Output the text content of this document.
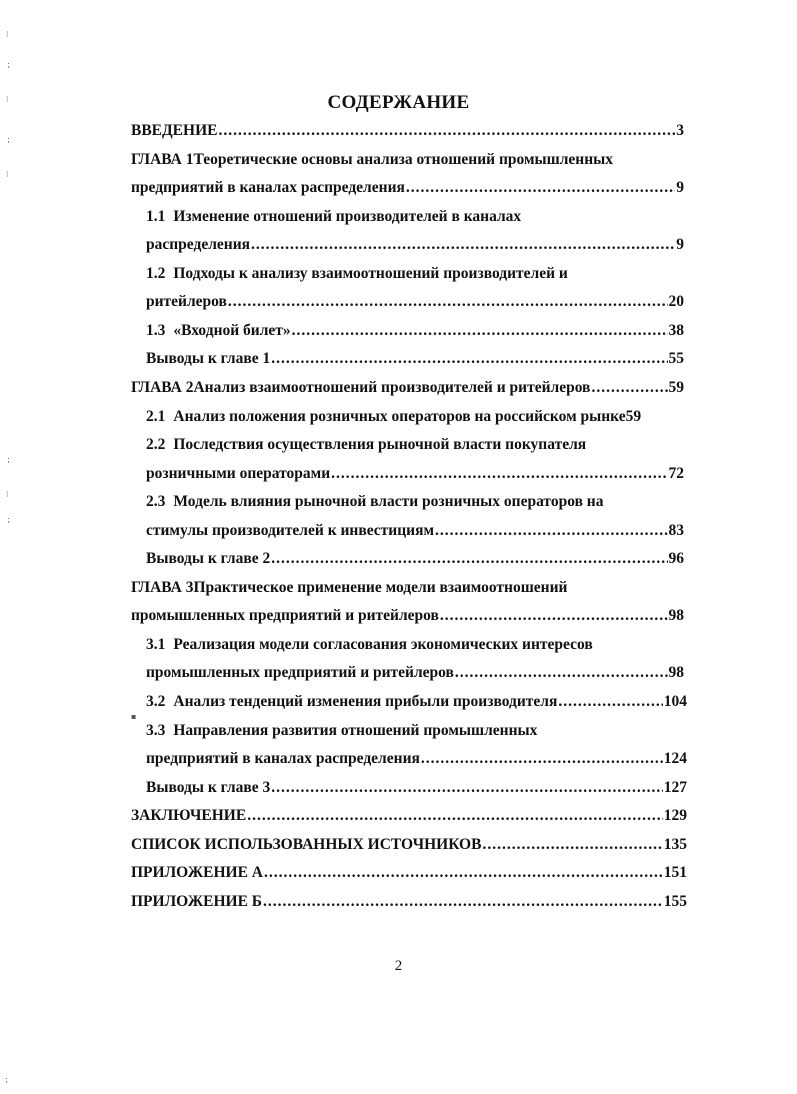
СОДЕРЖАНИЕ
ВВЕДЕНИЕ .....	3
ГЛАВА 1Теоретические основы анализа отношений промышленных
предприятий в каналах распределения .....	9
1.1 Изменение отношений производителей в каналах
распределения .....	9
1.2 Подходы к анализу взаимоотношений производителей и
ритейлеров .....	20
1.3 «Входной билет» .....	38
Выводы к главе 1 .....	55
ГЛАВА 2Анализ взаимоотношений производителей и ритейлеров .....	59
2.1 Анализ положения розничных операторов на российском рынке59
2.2 Последствия осуществления рыночной власти покупателя
розничными операторами .....	72
2.3 Модель влияния рыночной власти розничных операторов на
стимулы производителей к инвестициям .....	83
Выводы к главе 2 .....	96
ГЛАВА 3Практическое применение модели взаимоотношений
промышленных предприятий и ритейлеров .....	98
3.1 Реализация модели согласования экономических интересов
промышленных предприятий и ритейлеров .....	98
3.2 Анализ тенденций изменения прибыли производителя .....	104
3.3 Направления развития отношений промышленных
предприятий в каналах распределения .....	124
Выводы к главе 3 .....	127
ЗАКЛЮЧЕНИЕ .....	129
СПИСОК ИСПОЛЬЗОВАННЫХ ИСТОЧНИКОВ .....	135
ПРИЛОЖЕНИЕ А .....	151
ПРИЛОЖЕНИЕ Б .....	155
2
⁝
⁏
⁝
⁏
⁝
⁏
⁝
⁏
▪
⁏
